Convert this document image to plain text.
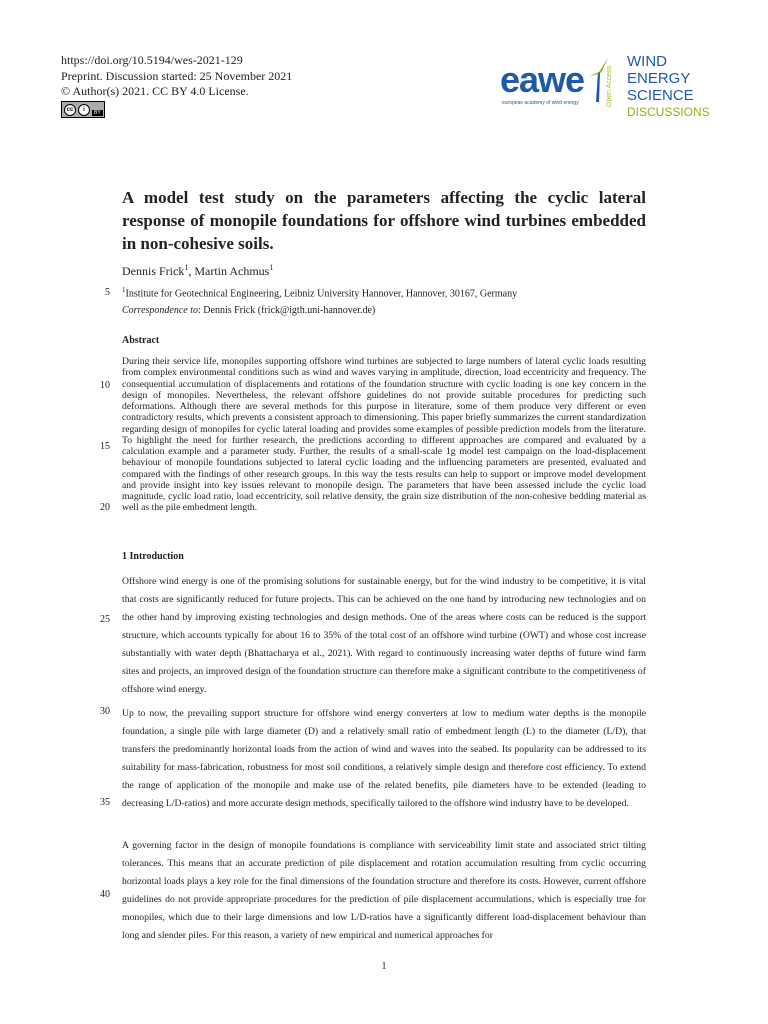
https://doi.org/10.5194/wes-2021-129
Preprint. Discussion started: 25 November 2021
© Author(s) 2021. CC BY 4.0 License.
cc	i
BY
eawe
european academy of wind energy	Open Access
WIND
ENERGY
SCIENCE
DISCUSSIONS
A model test study on the parameters affecting the cyclic lateral response of monopile foundations for offshore wind turbines embedded in non-cohesive soils.
Dennis Frick$^1$, Martin Achmus$^1$
$^1$Institute for Geotechnical Engineering, Leibniz University Hannover, Hannover, 30167, Germany
Correspondence to: Dennis Frick (frick@igth.uni-hannover.de)
Abstract
During their service life, monopiles supporting offshore wind turbines are subjected to large numbers of lateral cyclic loads resulting from complex environmental conditions such as wind and waves varying in amplitude, direction, load eccentricity and frequency. The consequential accumulation of displacements and rotations of the foundation structure with cyclic loading is one key concern in the design of monopiles. Nevertheless, the relevant offshore guidelines do not provide suitable procedures for predicting such deformations. Although there are several methods for this purpose in literature, some of them produce very different or even contradictory results, which prevents a consistent approach to dimensioning. This paper briefly summarizes the current standardization regarding design of monopiles for cyclic lateral loading and provides some examples of possible prediction models from the literature. To highlight the need for further research, the predictions according to different approaches are compared and evaluated by a calculation example and a parameter study. Further, the results of a small-scale 1g model test campaign on the load-displacement behaviour of monopile foundations subjected to lateral cyclic loading and the influencing parameters are presented, evaluated and compared with the findings of other research groups. In this way the tests results can help to support or improve model development and provide insight into key issues relevant to monopile design. The parameters that have been assessed include the cyclic load magnitude, cyclic load ratio, load eccentricity, soil relative density, the grain size distribution of the non-cohesive bedding material as well as the pile embedment length.
1 Introduction
Offshore wind energy is one of the promising solutions for sustainable energy, but for the wind industry to be competitive, it is vital that costs are significantly reduced for future projects. This can be achieved on the one hand by introducing new technologies and on the other hand by improving existing technologies and design methods. One of the areas where costs can be reduced is the support structure, which accounts typically for about 16 to 35% of the total cost of an offshore wind turbine (OWT) and whose cost increase substantially with water depth (Bhattacharya et al., 2021). With regard to continuously increasing water depths of future wind farm sites and projects, an improved design of the foundation structure can therefore make a significant contribute to the competitiveness of offshore wind energy.
Up to now, the prevailing support structure for offshore wind energy converters at low to medium water depths is the monopile foundation, a single pile with large diameter (D) and a relatively small ratio of embedment length (L) to the diameter (L/D), that transfers the predominantly horizontal loads from the action of wind and waves into the seabed. Its popularity can be addressed to its suitability for mass-fabrication, robustness for most soil conditions, a relatively simple design and therefore cost efficiency. To extend the range of application of the monopile and make use of the related benefits, pile diameters have to be extended (leading to decreasing L/D-ratios) and more accurate design methods, specifically tailored to the offshore wind industry have to be developed.
A governing factor in the design of monopile foundations is compliance with serviceability limit state and associated strict tilting tolerances. This means that an accurate prediction of pile displacement and rotation accumulation resulting from cyclic occurring horizontal loads plays a key role for the final dimensions of the foundation structure and therefore its costs. However, current offshore guidelines do not provide appropriate procedures for the prediction of pile displacement accumulations, which is especially true for monopiles, which due to their large dimensions and low L/D-ratios have a significantly different load-displacement behaviour than long and slender piles. For this reason, a variety of new empirical and numerical approaches for
5
10
15
20
25
30
35
40
1
